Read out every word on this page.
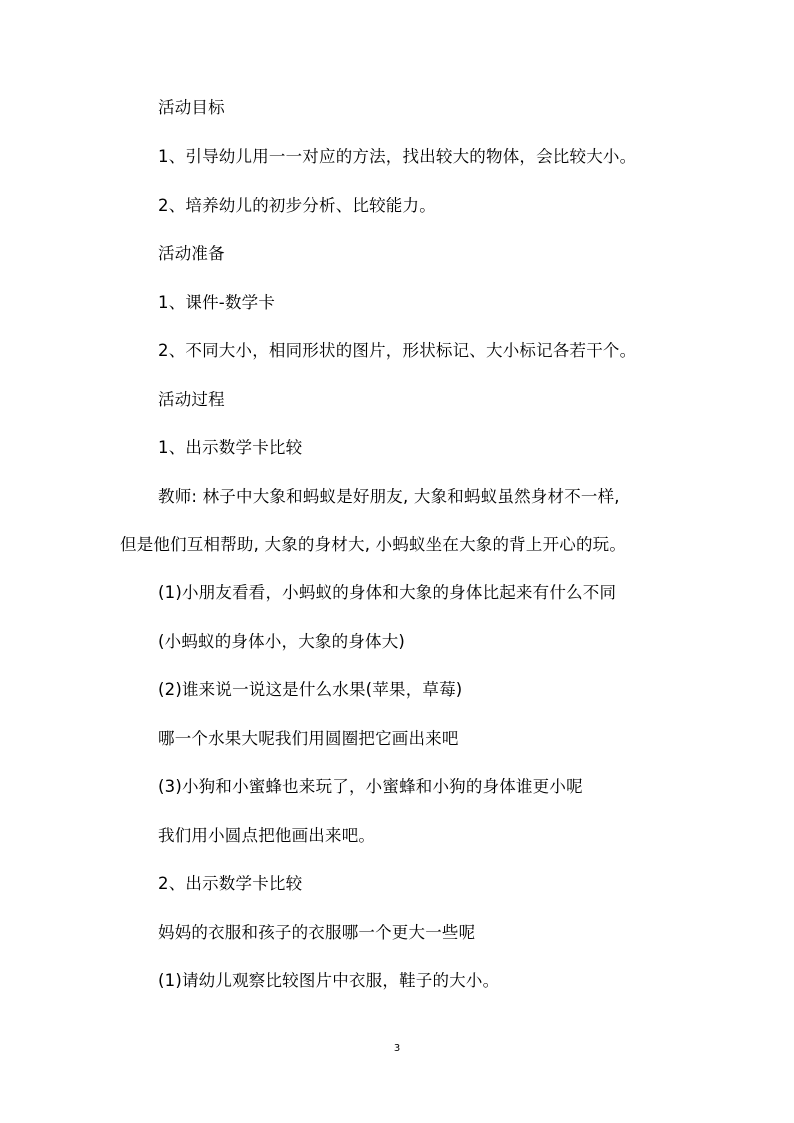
活动目标
1、引导幼儿用一一对应的方法，找出较大的物体，会比较大小。
2、培养幼儿的初步分析、比较能力。
活动准备
1、课件-数学卡
2、不同大小，相同形状的图片，形状标记、大小标记各若干个。
活动过程
1、出示数学卡比较
教师: 林子中大象和蚂蚁是好朋友, 大象和蚂蚁虽然身材不一样,
但是他们互相帮助, 大象的身材大, 小蚂蚁坐在大象的背上开心的玩。
(1)小朋友看看，小蚂蚁的身体和大象的身体比起来有什么不同
(小蚂蚁的身体小，大象的身体大)
(2)谁来说一说这是什么水果(苹果，草莓)
哪一个水果大呢我们用圆圈把它画出来吧
(3)小狗和小蜜蜂也来玩了，小蜜蜂和小狗的身体谁更小呢
我们用小圆点把他画出来吧。
2、出示数学卡比较
妈妈的衣服和孩子的衣服哪一个更大一些呢
(1)请幼儿观察比较图片中衣服，鞋子的大小。
3
